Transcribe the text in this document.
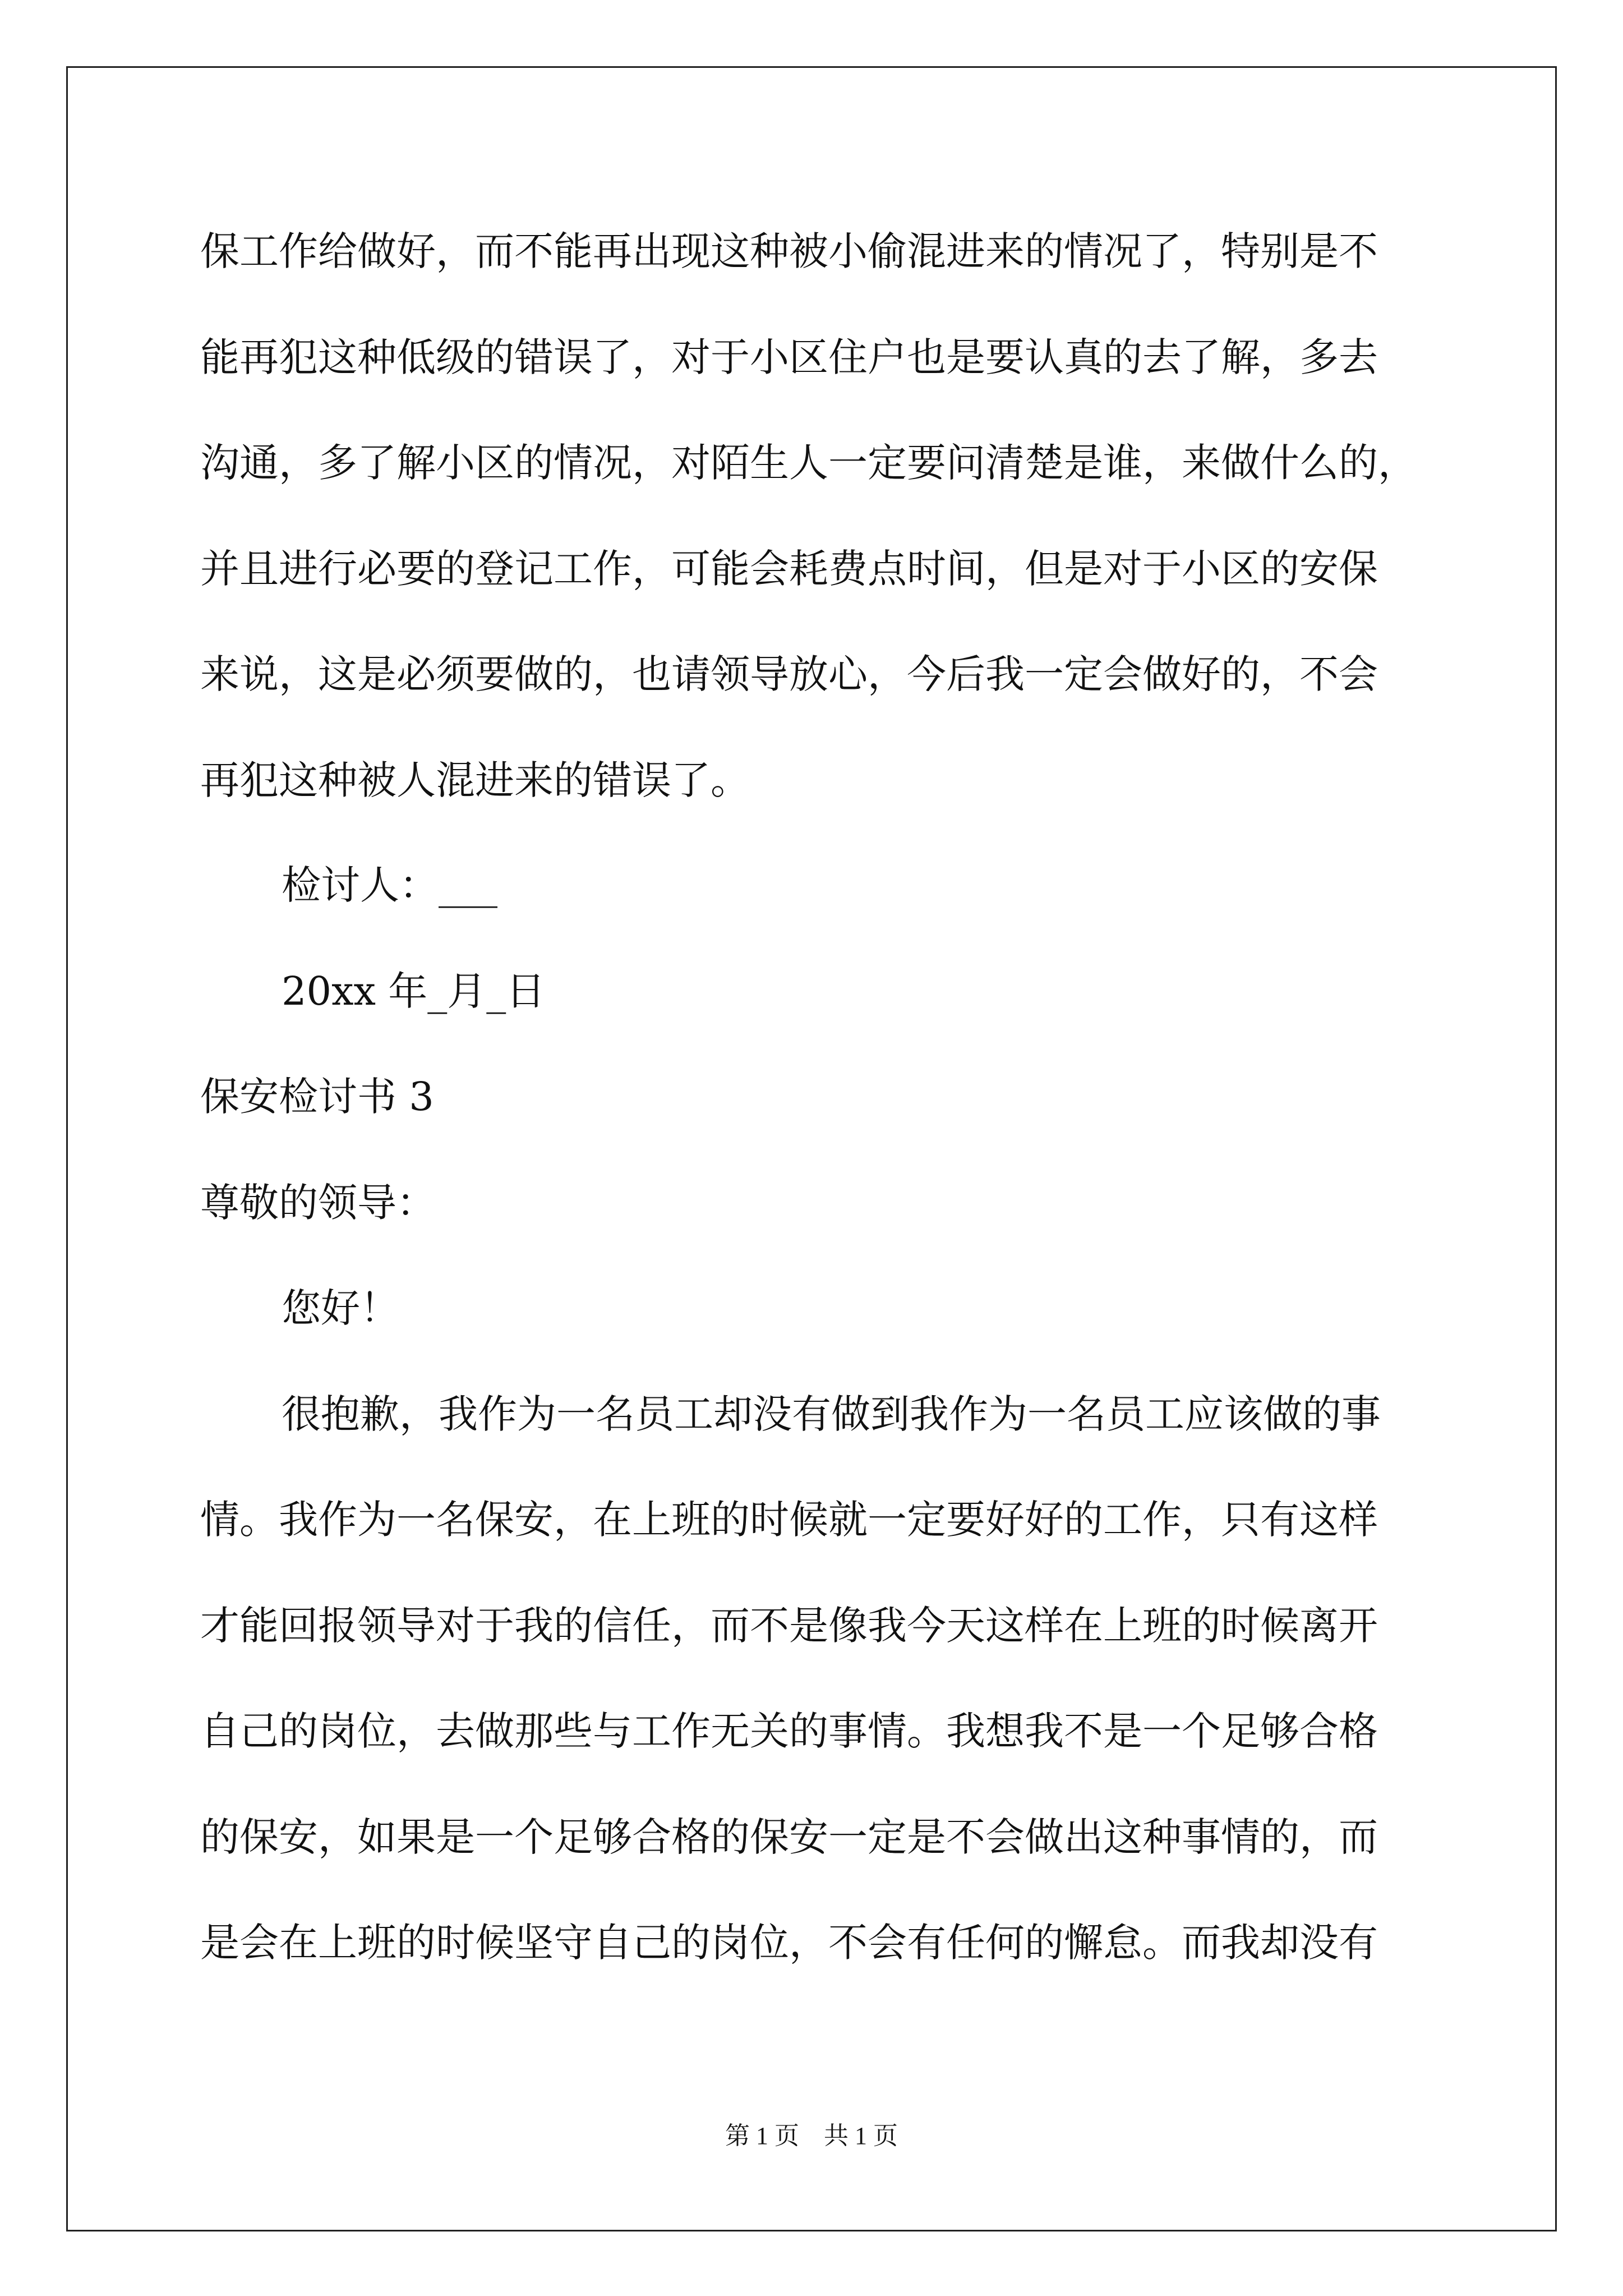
保工作给做好，而不能再出现这种被小偷混进来的情况了，特别是不
能再犯这种低级的错误了，对于小区住户也是要认真的去了解，多去
沟通，多了解小区的情况，对陌生人一定要问清楚是谁，来做什么的，
并且进行必要的登记工作，可能会耗费点时间，但是对于小区的安保
来说，这是必须要做的，也请领导放心，今后我一定会做好的，不会
再犯这种被人混进来的错误了。
检讨人：___
20xx 年_月_日
保安检讨书 3
尊敬的领导：
您好！
很抱歉，我作为一名员工却没有做到我作为一名员工应该做的事
情。我作为一名保安，在上班的时候就一定要好好的工作，只有这样
才能回报领导对于我的信任，而不是像我今天这样在上班的时候离开
自己的岗位，去做那些与工作无关的事情。我想我不是一个足够合格
的保安，如果是一个足够合格的保安一定是不会做出这种事情的，而
是会在上班的时候坚守自己的岗位，不会有任何的懈怠。而我却没有
第 1 页 共 1 页
